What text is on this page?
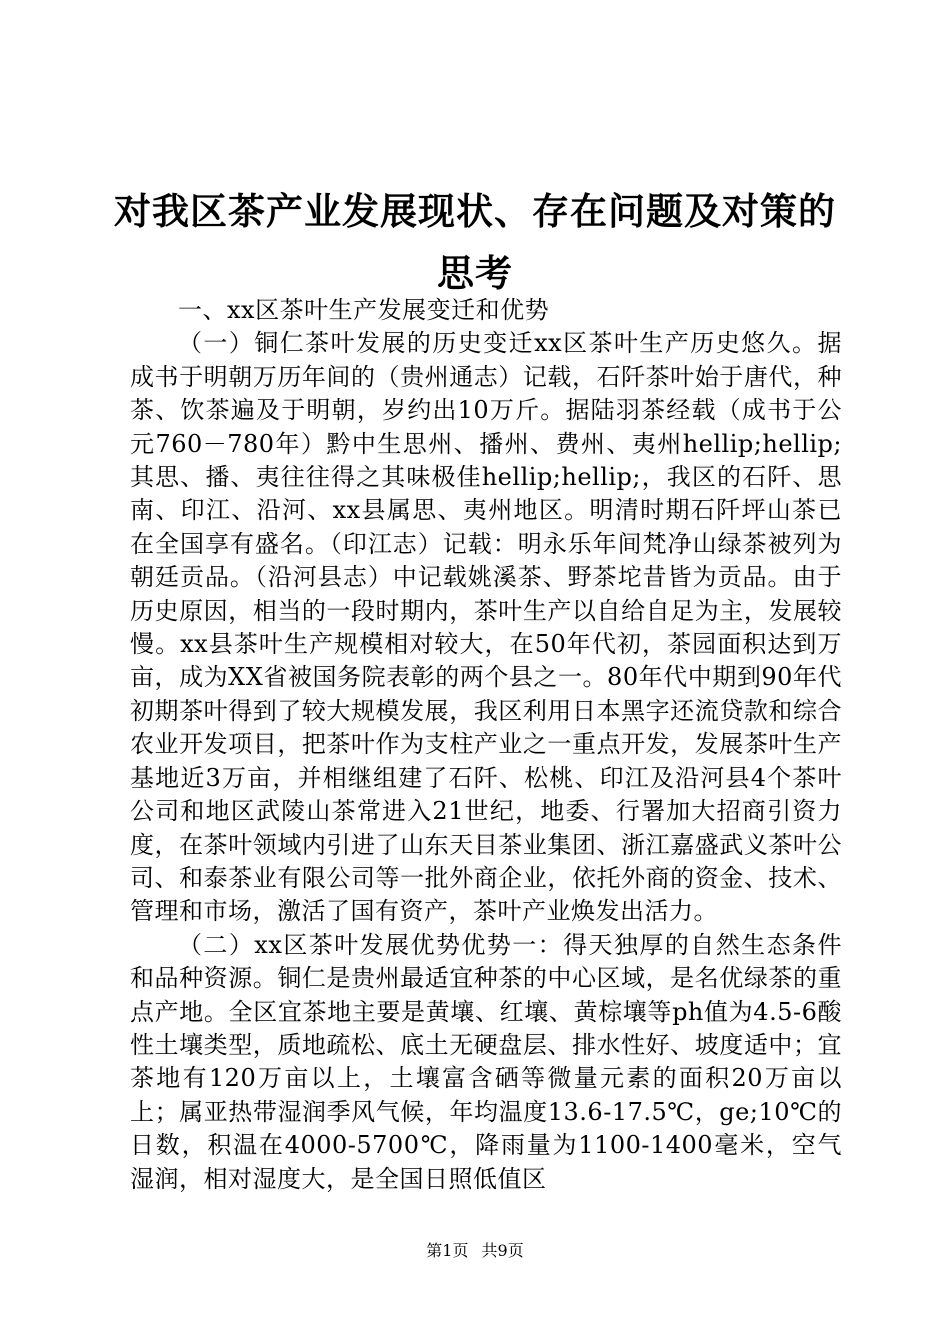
对我区茶产业发展现状、存在问题及对策的思考

一、xx区茶叶生产发展变迁和优势

（一）铜仁茶叶发展的历史变迁xx区茶叶生产历史悠久。据成书于明朝万历年间的（贵州通志）记载，石阡茶叶始于唐代，种茶、饮茶遍及于明朝，岁约出10万斤。据陆羽茶经载（成书于公元760－780年）黔中生思州、播州、费州、夷州hellip;hellip;其思、播、夷往往得之其味极佳hellip;hellip;，我区的石阡、思南、印江、沿河、xx县属思、夷州地区。明清时期石阡坪山茶已在全国享有盛名。（印江志）记载：明永乐年间梵净山绿茶被列为朝廷贡品。（沿河县志）中记载姚溪茶、野茶坨昔皆为贡品。由于历史原因，相当的一段时期内，茶叶生产以自给自足为主，发展较慢。xx县茶叶生产规模相对较大，在50年代初，茶园面积达到万亩，成为XX省被国务院表彰的两个县之一。80年代中期到90年代初期茶叶得到了较大规模发展，我区利用日本黑字还流贷款和综合农业开发项目，把茶叶作为支柱产业之一重点开发，发展茶叶生产基地近3万亩，并相继组建了石阡、松桃、印江及沿河县4个茶叶公司和地区武陵山茶常进入21世纪，地委、行署加大招商引资力度，在茶叶领域内引进了山东天目茶业集团、浙江嘉盛武义茶叶公司、和泰茶业有限公司等一批外商企业，依托外商的资金、技术、管理和市场，激活了国有资产，茶叶产业焕发出活力。

（二）xx区茶叶发展优势优势一：得天独厚的自然生态条件和品种资源。铜仁是贵州最适宜种茶的中心区域，是名优绿茶的重点产地。全区宜茶地主要是黄壤、红壤、黄棕壤等ph值为4.5-6酸性土壤类型，质地疏松、底土无硬盘层、排水性好、坡度适中；宜茶地有120万亩以上，土壤富含硒等微量元素的面积20万亩以上；属亚热带湿润季风气候，年均温度13.6-17.5℃，ge;10℃的日数，积温在4000-5700℃，降雨量为1100-1400毫米，空气湿润，相对湿度大，是全国日照低值区

第1页 共9页
